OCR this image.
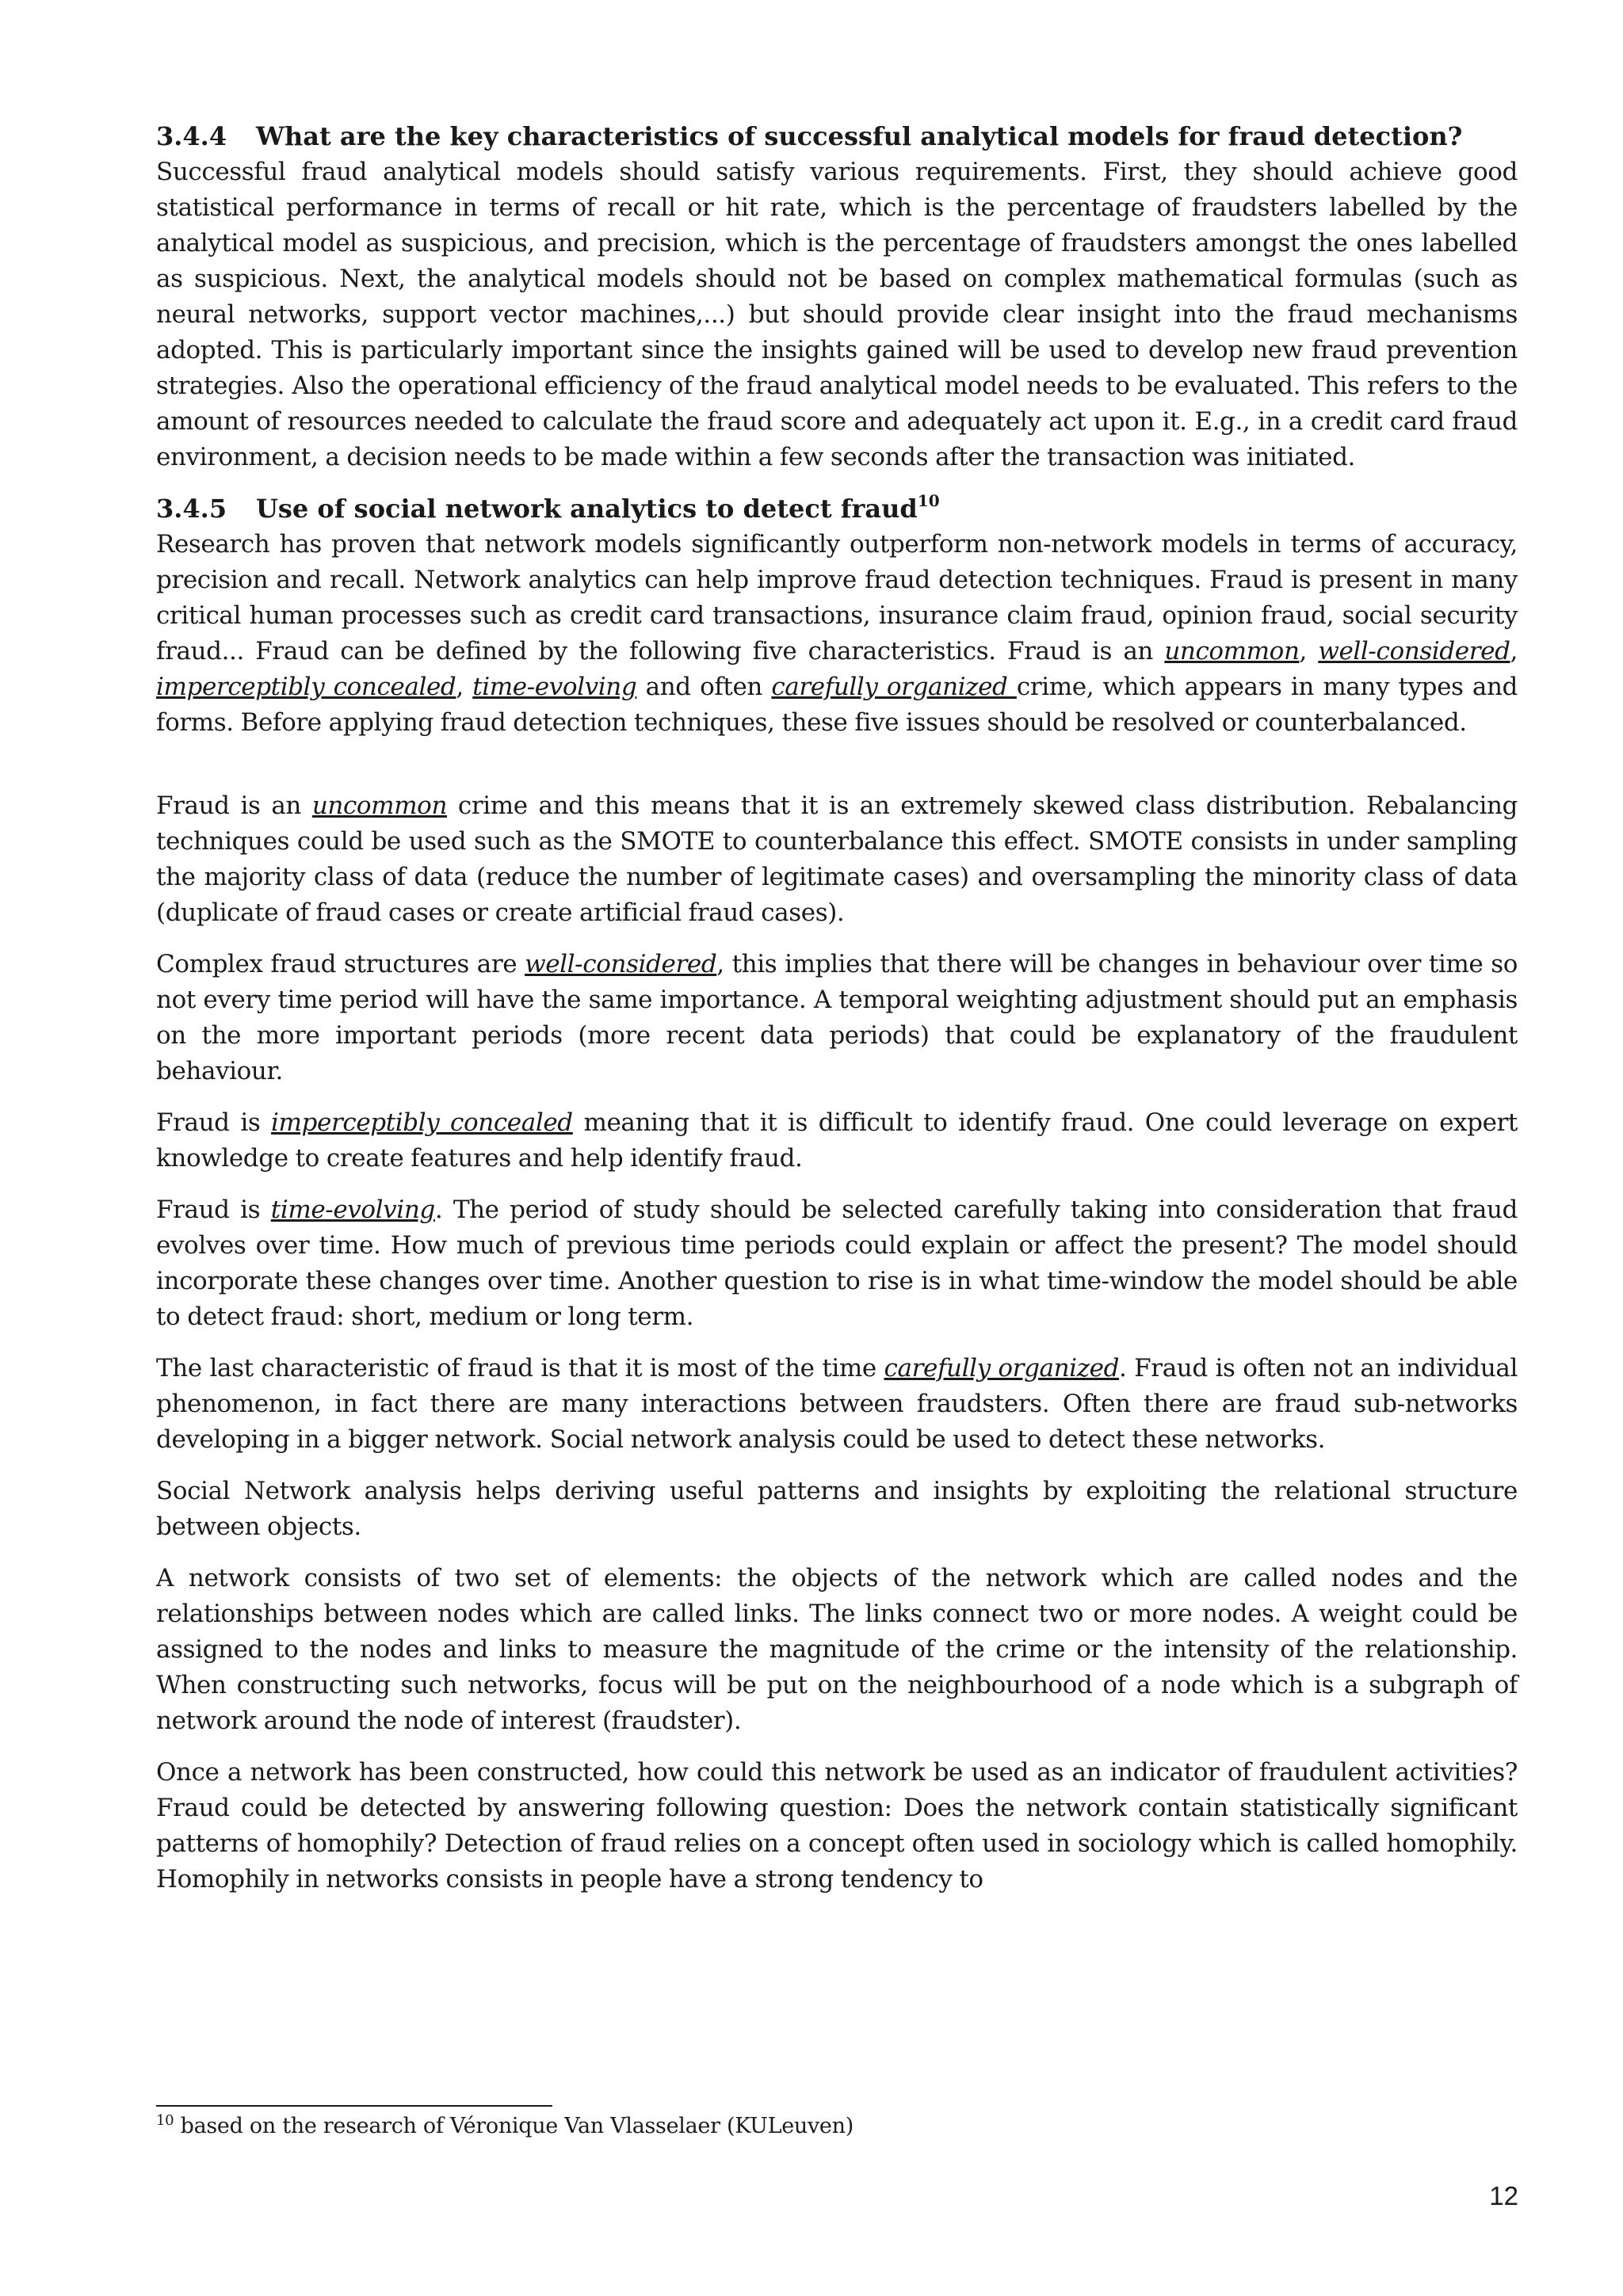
3.4.4 What are the key characteristics of successful analytical models for fraud detection?

Successful fraud analytical models should satisfy various requirements. First, they should achieve good statistical performance in terms of recall or hit rate, which is the percentage of fraudsters labelled by the analytical model as suspicious, and precision, which is the percentage of fraudsters amongst the ones labelled as suspicious. Next, the analytical models should not be based on complex mathematical formulas (such as neural networks, support vector machines,...) but should provide clear insight into the fraud mechanisms adopted. This is particularly important since the insights gained will be used to develop new fraud prevention strategies. Also the operational efficiency of the fraud analytical model needs to be evaluated. This refers to the amount of resources needed to calculate the fraud score and adequately act upon it. E.g., in a credit card fraud environment, a decision needs to be made within a few seconds after the transaction was initiated.

3.4.5 Use of social network analytics to detect fraud$^{10}$

Research has proven that network models significantly outperform non-network models in terms of accuracy, precision and recall. Network analytics can help improve fraud detection techniques. Fraud is present in many critical human processes such as credit card transactions, insurance claim fraud, opinion fraud, social security fraud... Fraud can be defined by the following five characteristics. Fraud is an uncommon, well-considered, imperceptibly concealed, time-evolving and often carefully organized crime, which appears in many types and forms. Before applying fraud detection techniques, these five issues should be resolved or counterbalanced.

Fraud is an uncommon crime and this means that it is an extremely skewed class distribution. Rebalancing techniques could be used such as the SMOTE to counterbalance this effect. SMOTE consists in under sampling the majority class of data (reduce the number of legitimate cases) and oversampling the minority class of data (duplicate of fraud cases or create artificial fraud cases).

Complex fraud structures are well-considered, this implies that there will be changes in behaviour over time so not every time period will have the same importance. A temporal weighting adjustment should put an emphasis on the more important periods (more recent data periods) that could be explanatory of the fraudulent behaviour.

Fraud is imperceptibly concealed meaning that it is difficult to identify fraud. One could leverage on expert knowledge to create features and help identify fraud.

Fraud is time-evolving. The period of study should be selected carefully taking into consideration that fraud evolves over time. How much of previous time periods could explain or affect the present? The model should incorporate these changes over time. Another question to rise is in what time-window the model should be able to detect fraud: short, medium or long term.

The last characteristic of fraud is that it is most of the time carefully organized. Fraud is often not an individual phenomenon, in fact there are many interactions between fraudsters. Often there are fraud sub-networks developing in a bigger network. Social network analysis could be used to detect these networks.

Social Network analysis helps deriving useful patterns and insights by exploiting the relational structure between objects.

A network consists of two set of elements: the objects of the network which are called nodes and the relationships between nodes which are called links. The links connect two or more nodes. A weight could be assigned to the nodes and links to measure the magnitude of the crime or the intensity of the relationship. When constructing such networks, focus will be put on the neighbourhood of a node which is a subgraph of network around the node of interest (fraudster).

Once a network has been constructed, how could this network be used as an indicator of fraudulent activities? Fraud could be detected by answering following question: Does the network contain statistically significant patterns of homophily? Detection of fraud relies on a concept often used in sociology which is called homophily. Homophily in networks consists in people have a strong tendency to

$^{10}$ based on the research of Véronique Van Vlasselaer (KULeuven)
12
